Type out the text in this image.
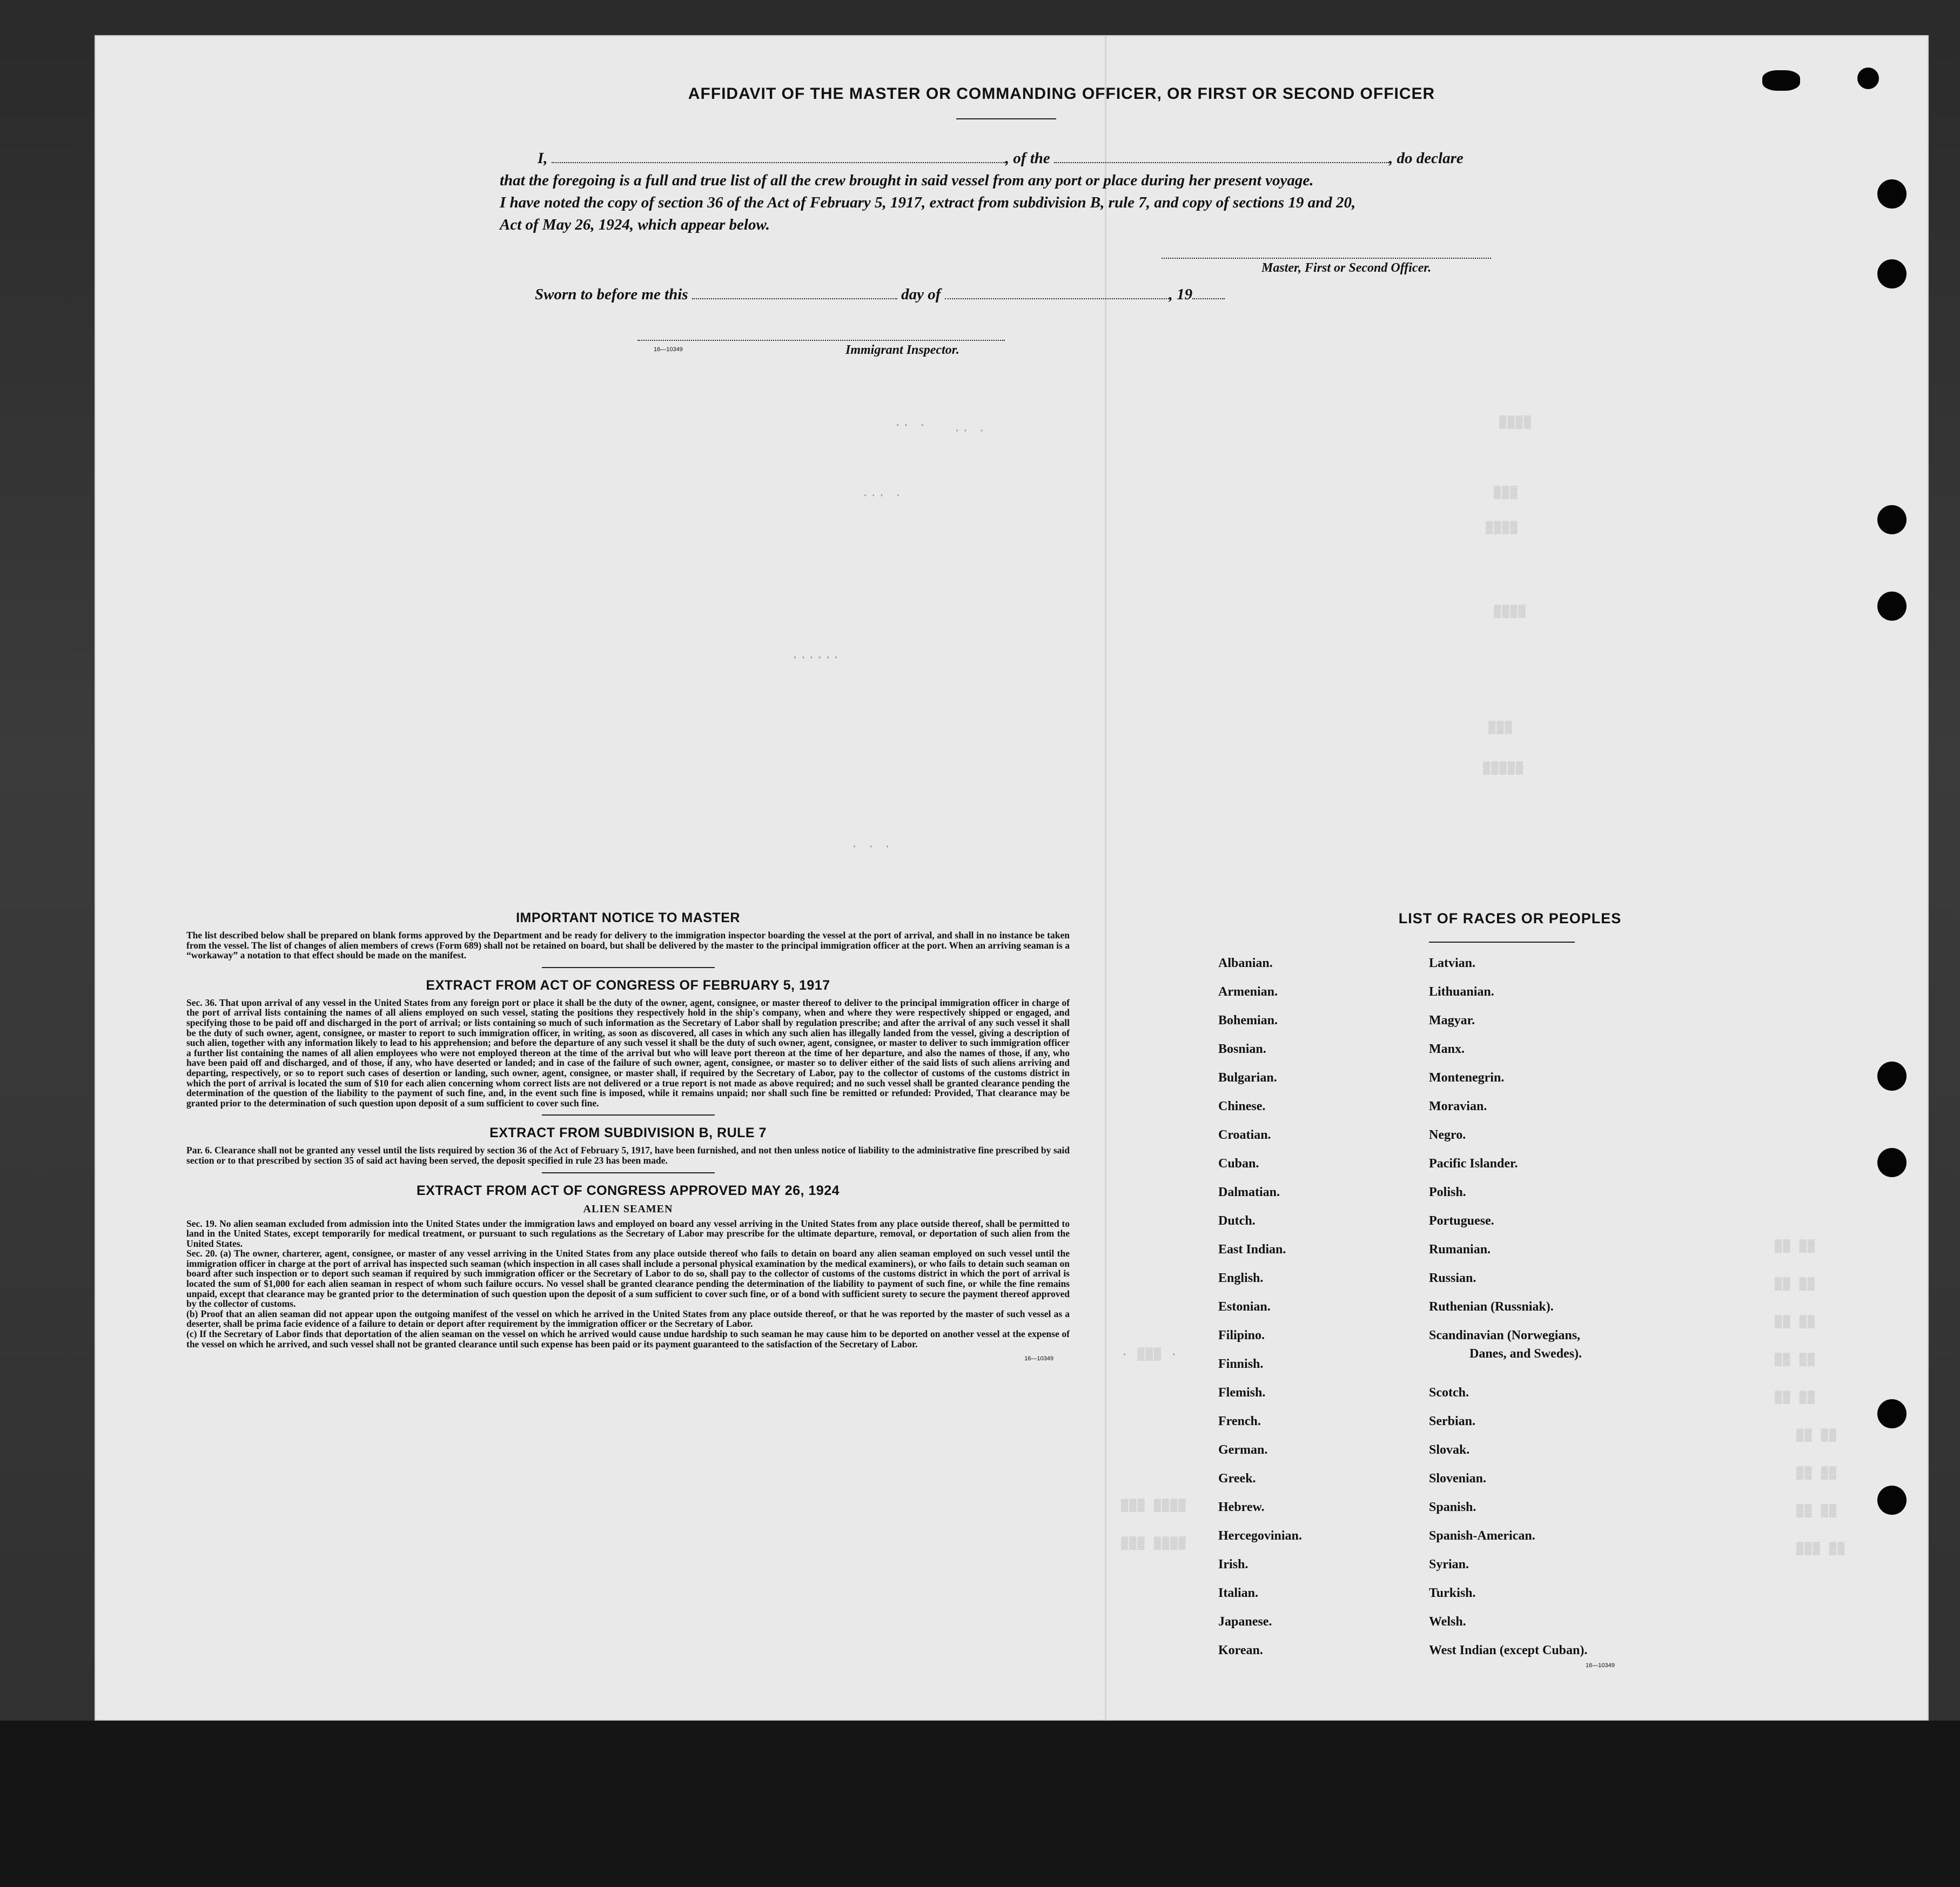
·· · ·· ·
▒▒▒▒
··· ·	▒▒▒
▒▒▒▒
······
▒▒▒▒
▒▒▒
▒▒▒▒▒
· · ·
▒▒ ▒▒
▒▒ ▒▒
▒▒ ▒▒
▒▒ ▒▒
▒▒ ▒▒
▒▒ ▒▒
▒▒ ▒▒
▒▒ ▒▒
▒▒▒ ▒▒
· ▒▒▒ ·
▒▒▒ ▒▒▒▒
▒▒▒ ▒▒▒▒
AFFIDAVIT OF THE MASTER OR COMMANDING OFFICER, OR FIRST OR SECOND OFFICER
I,	, of the	, do declare
that the foregoing is a full and true list of all the crew brought in said vessel from any port or place during her present voyage.
I have noted the copy of section 36 of the Act of February 5, 1917, extract from subdivision B, rule 7, and copy of sections 19 and 20,
Act of May 26, 1924, which appear below.
Master, First or Second Officer.
Sworn to before me this	day of	, 19
16—10349	Immigrant Inspector.
IMPORTANT NOTICE TO MASTER
The list described below shall be prepared on blank forms approved by the Department and be ready for delivery to the immigration inspector boarding the vessel at the port of arrival, and shall in no instance be taken from the vessel. The list of changes of alien members of crews (Form 689) shall not be retained on board, but shall be delivered by the master to the principal immigration officer at the port. When an arriving seaman is a “workaway” a notation to that effect should be made on the manifest.
EXTRACT FROM ACT OF CONGRESS OF FEBRUARY 5, 1917
Sec. 36. That upon arrival of any vessel in the United States from any foreign port or place it shall be the duty of the owner, agent, consignee, or master thereof to deliver to the principal immigration officer in charge of the port of arrival lists containing the names of all aliens employed on such vessel, stating the positions they respectively hold in the ship's company, when and where they were respectively shipped or engaged, and specifying those to be paid off and discharged in the port of arrival; or lists containing so much of such information as the Secretary of Labor shall by regulation prescribe; and after the arrival of any such vessel it shall be the duty of such owner, agent, consignee, or master to report to such immigration officer, in writing, as soon as discovered, all cases in which any such alien has illegally landed from the vessel, giving a description of such alien, together with any information likely to lead to his apprehension; and before the departure of any such vessel it shall be the duty of such owner, agent, consignee, or master to deliver to such immigration officer a further list containing the names of all alien employees who were not employed thereon at the time of the arrival but who will leave port thereon at the time of her departure, and also the names of those, if any, who have been paid off and discharged, and of those, if any, who have deserted or landed; and in case of the failure of such owner, agent, consignee, or master so to deliver either of the said lists of such aliens arriving and departing, respectively, or so to report such cases of desertion or landing, such owner, agent, consignee, or master shall, if required by the Secretary of Labor, pay to the collector of customs of the customs district in which the port of arrival is located the sum of $10 for each alien concerning whom correct lists are not delivered or a true report is not made as above required; and no such vessel shall be granted clearance pending the determination of the question of the liability to the payment of such fine, and, in the event such fine is imposed, while it remains unpaid; nor shall such fine be remitted or refunded: Provided, That clearance may be granted prior to the determination of such question upon deposit of a sum sufficient to cover such fine.
EXTRACT FROM SUBDIVISION B, RULE 7
Par. 6. Clearance shall not be granted any vessel until the lists required by section 36 of the Act of February 5, 1917, have been furnished, and not then unless notice of liability to the administrative fine prescribed by said section or to that prescribed by section 35 of said act having been served, the deposit specified in rule 23 has been made.
EXTRACT FROM ACT OF CONGRESS APPROVED MAY 26, 1924
ALIEN SEAMEN
Sec. 19. No alien seaman excluded from admission into the United States under the immigration laws and employed on board any vessel arriving in the United States from any place outside thereof, shall be permitted to land in the United States, except temporarily for medical treatment, or pursuant to such regulations as the Secretary of Labor may prescribe for the ultimate departure, removal, or deportation of such alien from the United States.
Sec. 20. (a) The owner, charterer, agent, consignee, or master of any vessel arriving in the United States from any place outside thereof who fails to detain on board any alien seaman employed on such vessel until the immigration officer in charge at the port of arrival has inspected such seaman (which inspection in all cases shall include a personal physical examination by the medical examiners), or who fails to detain such seaman on board after such inspection or to deport such seaman if required by such immigration officer or the Secretary of Labor to do so, shall pay to the collector of customs of the customs district in which the port of arrival is located the sum of $1,000 for each alien seaman in respect of whom such failure occurs. No vessel shall be granted clearance pending the determination of the liability to payment of such fine, or while the fine remains unpaid, except that clearance may be granted prior to the determination of such question upon the deposit of a sum sufficient to cover such fine, or of a bond with sufficient surety to secure the payment thereof approved by the collector of customs.
(b) Proof that an alien seaman did not appear upon the outgoing manifest of the vessel on which he arrived in the United States from any place outside thereof, or that he was reported by the master of such vessel as a deserter, shall be prima facie evidence of a failure to detain or deport after requirement by the immigration officer or the Secretary of Labor.
(c) If the Secretary of Labor finds that deportation of the alien seaman on the vessel on which he arrived would cause undue hardship to such seaman he may cause him to be deported on another vessel at the expense of the vessel on which he arrived, and such vessel shall not be granted clearance until such expense has been paid or its payment guaranteed to the satisfaction of the Secretary of Labor.
16—10349
LIST OF RACES OR PEOPLES
Albanian.
Armenian.
Bohemian.
Bosnian.
Bulgarian.
Chinese.
Croatian.
Cuban.
Dalmatian.
Dutch.
East Indian.
English.
Estonian.
Filipino.
Finnish.
Flemish.
French.
German.
Greek.
Hebrew.
Hercegovinian.
Irish.
Italian.
Japanese.
Korean.
Latvian.
Lithuanian.
Magyar.
Manx.
Montenegrin.
Moravian.
Negro.
Pacific Islander.
Polish.
Portuguese.
Rumanian.
Russian.
Ruthenian (Russniak).
Scandinavian (Norwegians,
Danes, and Swedes).
Scotch.
Serbian.
Slovak.
Slovenian.
Spanish.
Spanish-American.
Syrian.
Turkish.
Welsh.
West Indian (except Cuban).
16—10349
